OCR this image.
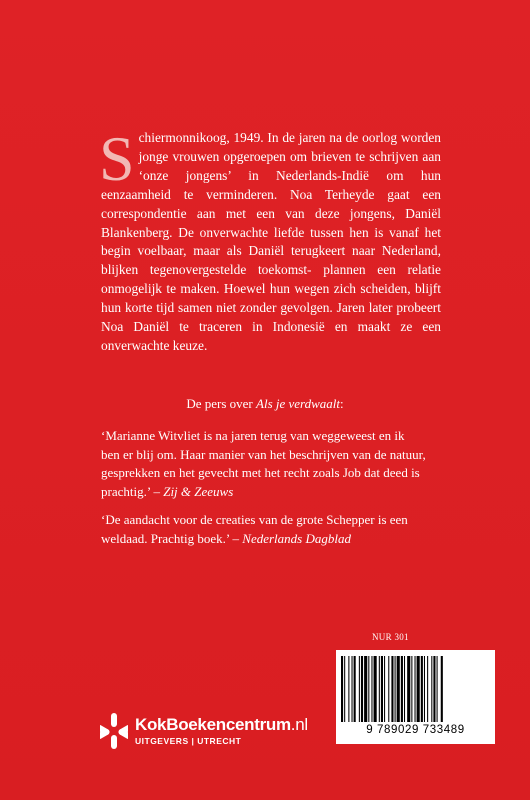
S chiermonnikoog, 1949. In de jaren na de oorlog worden jonge vrouwen opgeroepen om brieven te schrijven aan ‘onze jongens’ in Nederlands-Indië om hun eenzaamheid te verminderen. Noa Terheyde gaat een correspondentie aan met een van deze jongens, Daniël Blankenberg. De onverwachte liefde tussen hen is vanaf het begin voelbaar, maar als Daniël terugkeert naar Nederland, blijken tegenovergestelde toekomst- plannen een relatie onmogelijk te maken. Hoewel hun wegen zich scheiden, blijft hun korte tijd samen niet zonder gevolgen. Jaren later probeert Noa Daniël te traceren in Indonesië en maakt ze een onverwachte keuze.

De pers over Als je verdwaalt:
‘Marianne Witvliet is na jaren terug van weggeweest en ik
ben er blij om. Haar manier van het beschrijven van de natuur,
gesprekken en het gevecht met het recht zoals Job dat deed is
prachtig.’ – Zij & Zeeuws
‘De aandacht voor de creaties van de grote Schepper is een
weldaad. Prachtig boek.’ – Nederlands Dagblad
NUR 301
9 789029 733489
KokBoekencentrum.nl
UITGEVERS | UTRECHT
